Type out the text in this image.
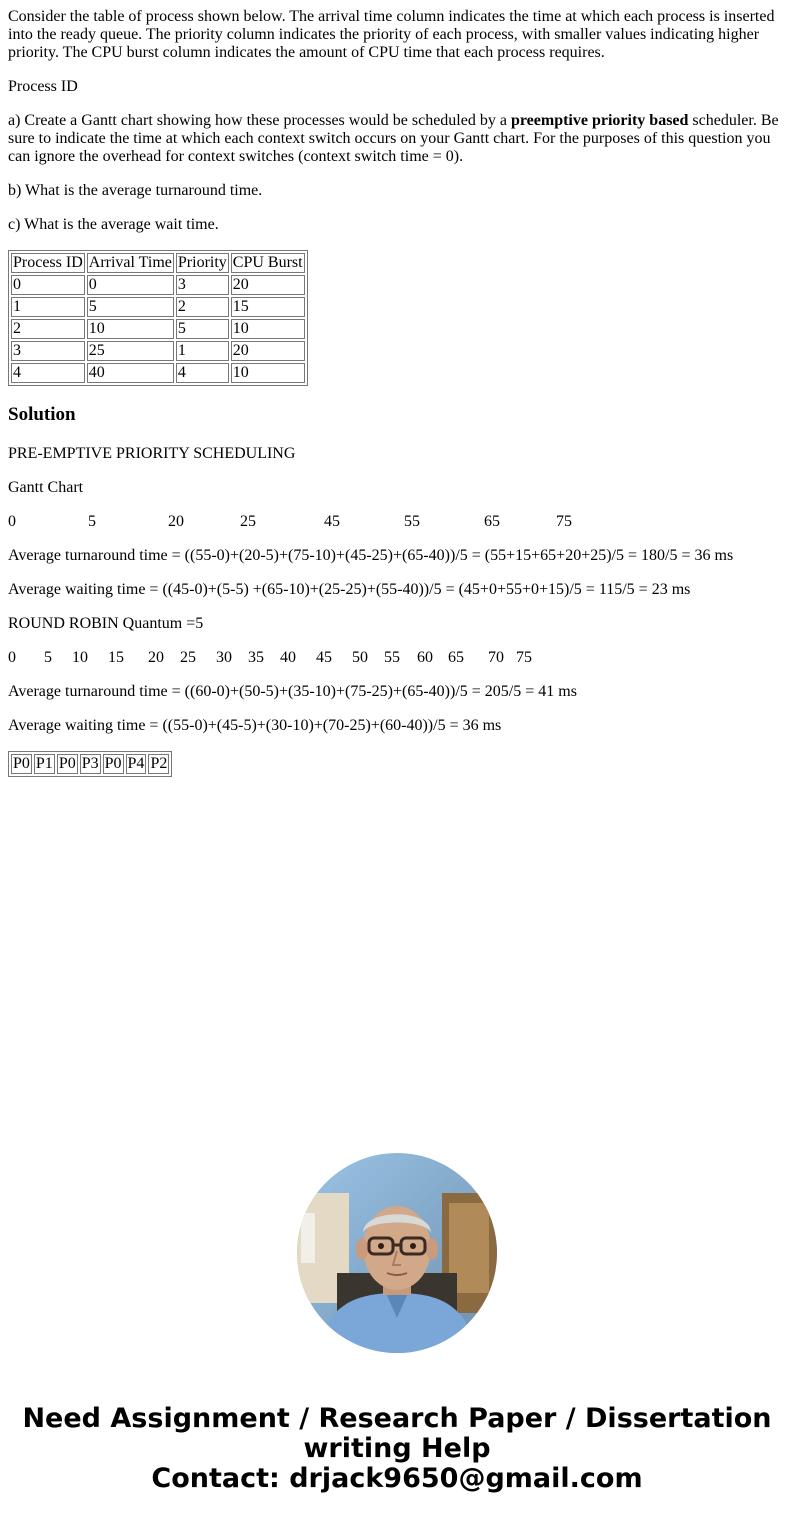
Consider the table of process shown below. The arrival time column indicates the time at which each process is inserted into the ready queue. The priority column indicates the priority of each process, with smaller values indicating higher priority. The CPU burst column indicates the amount of CPU time that each process requires.

Process ID

a) Create a Gantt chart showing how these processes would be scheduled by a preemptive priority based scheduler. Be sure to indicate the time at which each context switch occurs on your Gantt chart. For the purposes of this question you can ignore the overhead for context switches (context switch time = 0).

b) What is the average turnaround time.

c) What is the average wait time.

Process ID	Arrival Time	Priority	CPU Burst
0	0	3	20
1	5	2	15
2	10	5	10
3	25	1	20
4	40	4	10
Solution

PRE-EMPTIVE PRIORITY SCHEDULING

Gantt Chart

0	5	20	25	45	55	65	75

Average turnaround time = ((55-0)+(20-5)+(75-10)+(45-25)+(65-40))/5 = (55+15+65+20+25)/5 = 180/5 = 36 ms

Average waiting time = ((45-0)+(5-5) +(65-10)+(25-25)+(55-40))/5 = (45+0+55+0+15)/5 = 115/5 = 23 ms

ROUND ROBIN Quantum =5

0 5 10 15 20 25 30 35 40 45 50 55 60 65 70 75

Average turnaround time = ((60-0)+(50-5)+(35-10)+(75-25)+(65-40))/5 = 205/5 = 41 ms

Average waiting time = ((55-0)+(45-5)+(30-10)+(70-25)+(60-40))/5 = 36 ms

P0	P1	P0	P3	P0	P4	P2
Need Assignment / Research Paper / Dissertation
writing Help
Contact: drjack9650@gmail.com
